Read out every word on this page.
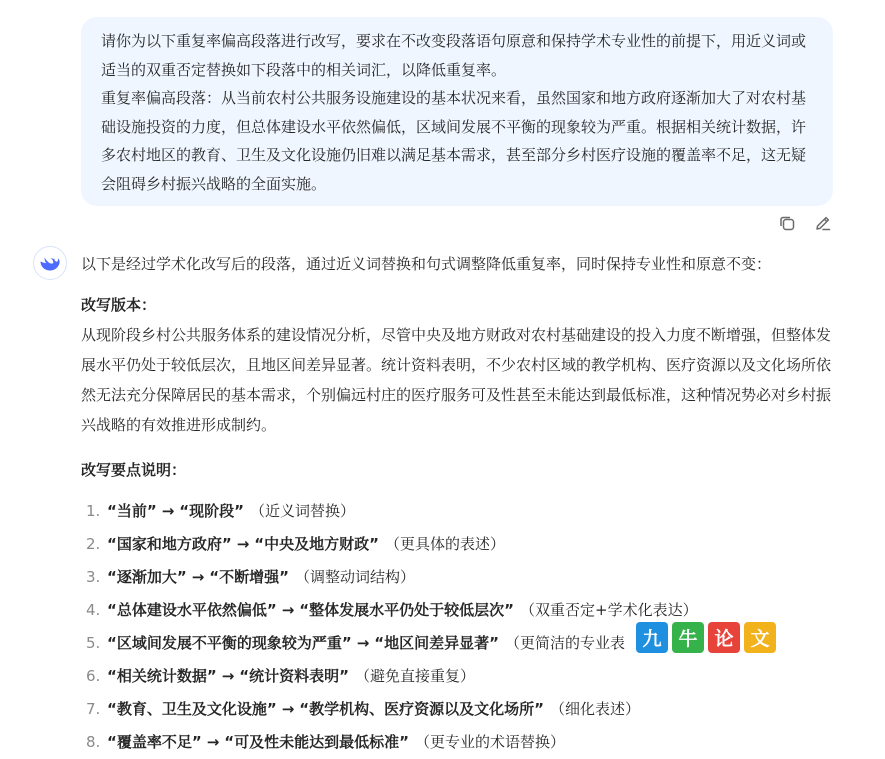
请你为以下重复率偏高段落进行改写，要求在不改变段落语句原意和保持学术专业性的前提下，用近义词或适当的双重否定替换如下段落中的相关词汇，以降低重复率。

重复率偏高段落：从当前农村公共服务设施建设的基本状况来看，虽然国家和地方政府逐渐加大了对农村基础设施投资的力度，但总体建设水平依然偏低，区域间发展不平衡的现象较为严重。根据相关统计数据，许多农村地区的教育、卫生及文化设施仍旧难以满足基本需求，甚至部分乡村医疗设施的覆盖率不足，这无疑会阻碍乡村振兴战略的全面实施。

以下是经过学术化改写后的段落，通过近义词替换和句式调整降低重复率，同时保持专业性和原意不变：

改写版本：

从现阶段乡村公共服务体系的建设情况分析，尽管中央及地方财政对农村基础建设的投入力度不断增强，但整体发展水平仍处于较低层次，且地区间差异显著。统计资料表明，不少农村区域的教学机构、医疗资源以及文化场所依然无法充分保障居民的基本需求，个别偏远村庄的医疗服务可及性甚至未能达到最低标准，这种情况势必对乡村振兴战略的有效推进形成制约。

改写要点说明：

1. “当前” → “现阶段” （近义词替换）
2. “国家和地方政府” → “中央及地方财政” （更具体的表述）
3. “逐渐加大” → “不断增强” （调整动词结构）
4. “总体建设水平依然偏低” → “整体发展水平仍处于较低层次” （双重否定+学术化表达）
5. “区域间发展不平衡的现象较为严重” → “地区间差异显著” （更简洁的专业表
6. “相关统计数据” → “统计资料表明” （避免直接重复）
7. “教育、卫生及文化设施” → “教学机构、医疗资源以及文化场所” （细化表述）
8. “覆盖率不足” → “可及性未能达到最低标准” （更专业的术语替换）
九 牛 论 文
